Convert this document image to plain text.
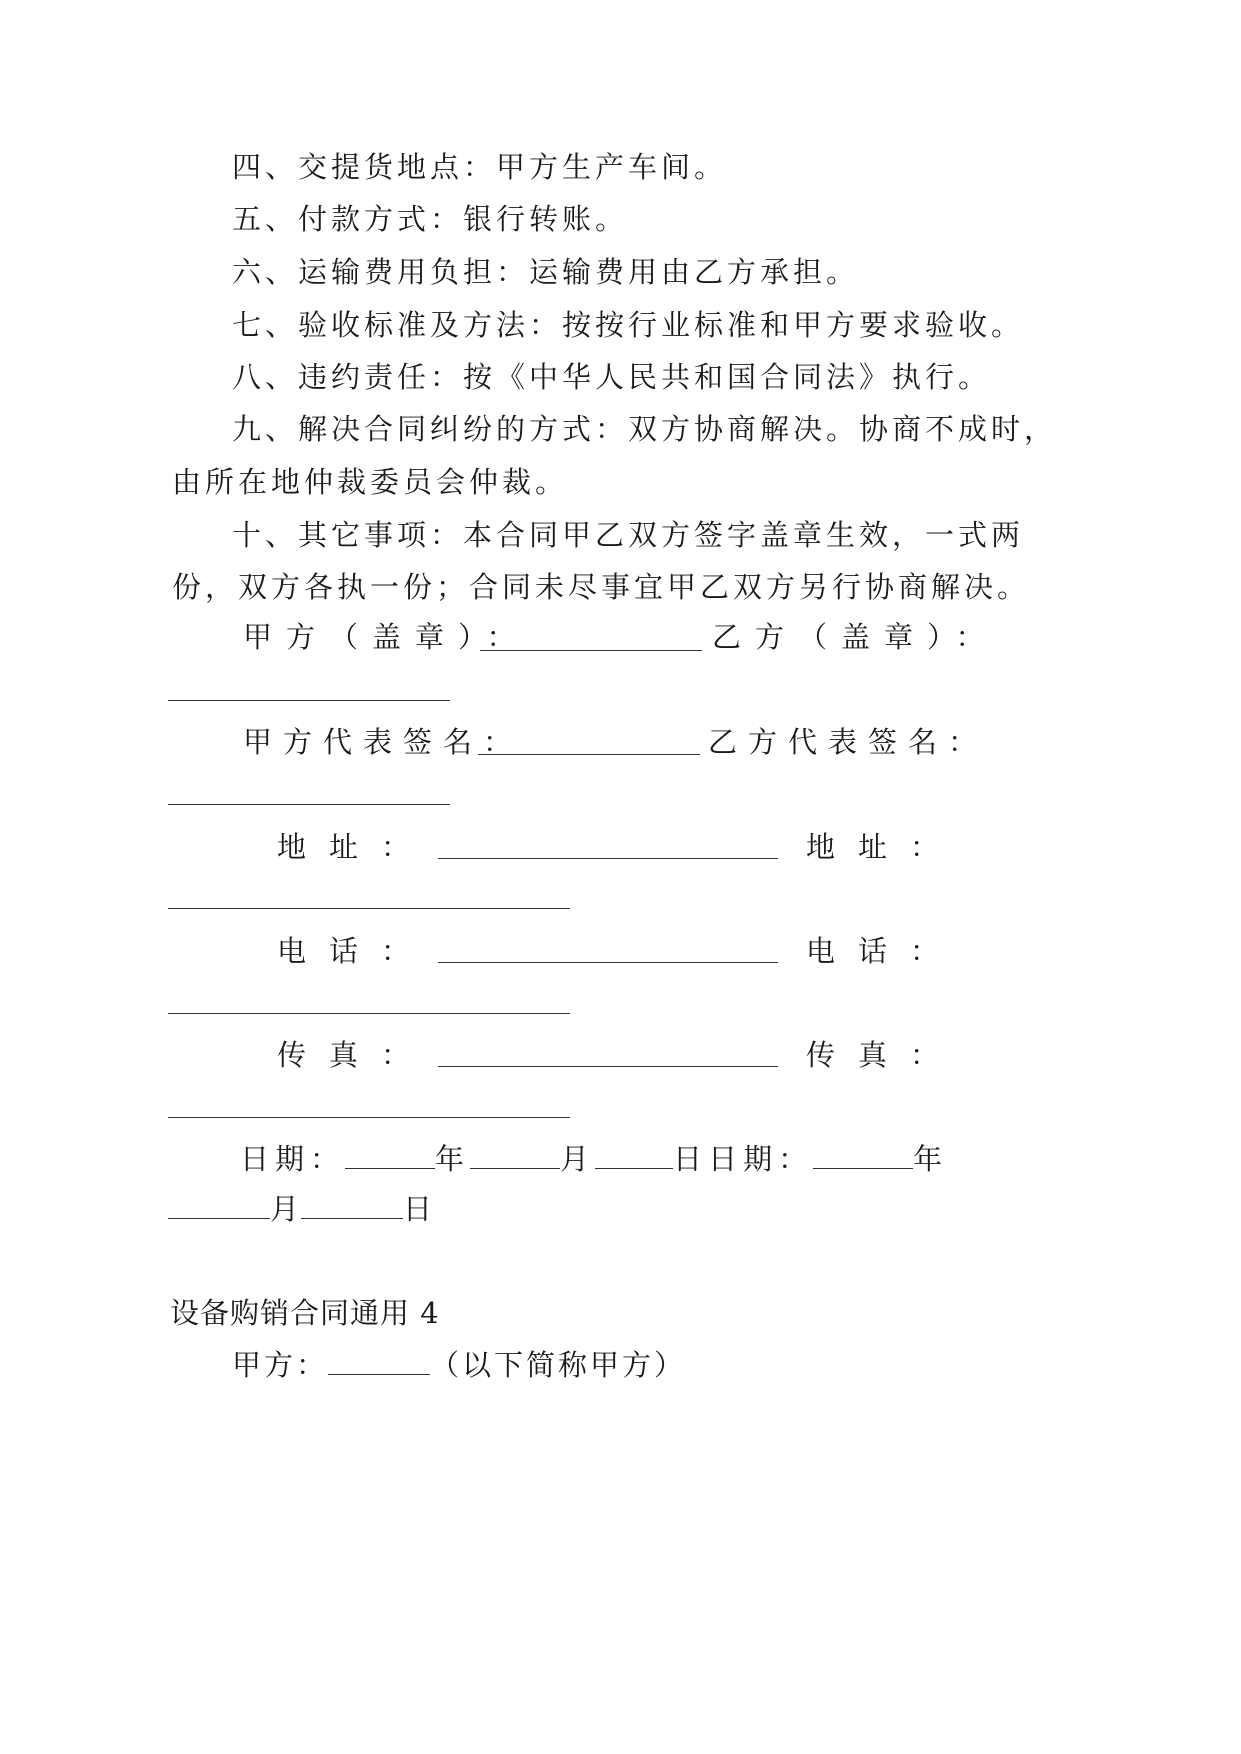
四、交提货地点：甲方生产车间。
五、付款方式：银行转账。
六、运输费用负担：运输费用由乙方承担。
七、验收标准及方法：按按行业标准和甲方要求验收。
八、违约责任：按《中华人民共和国合同法》执行。
九、解决合同纠纷的方式：双方协商解决。协商不成时，
由所在地仲裁委员会仲裁。
十、其它事项：本合同甲乙双方签字盖章生效，一式两
份，双方各执一份；合同未尽事宜甲乙双方另行协商解决。
甲方（盖章）：	乙方（盖章）：
甲方代表签名：	乙方代表签名：
地址：	地址：
电话：	电话：
传真：	传真：
日期：	年	月	日日期：	年
月	日
设备购销合同通用 4
甲方：	（以下简称甲方）
